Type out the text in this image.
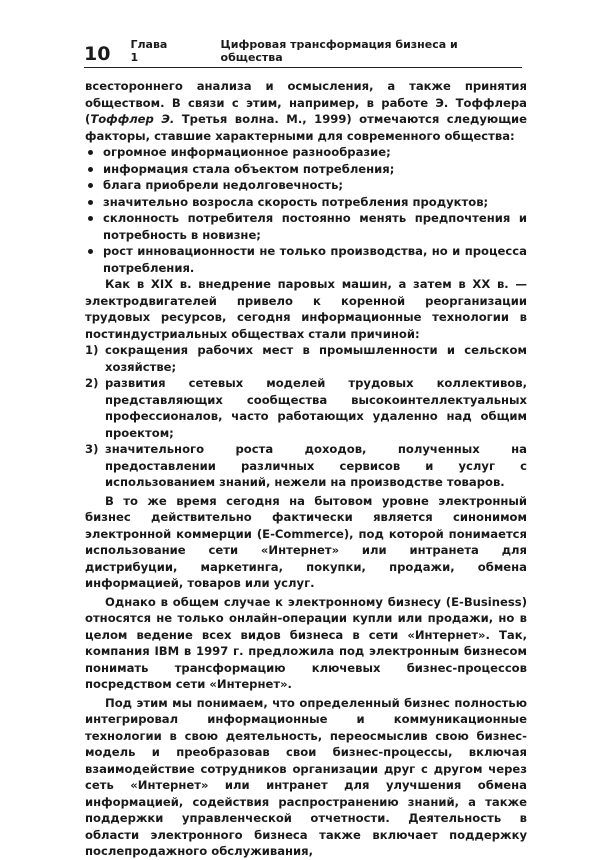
10 Глава 1
Цифровая трансформация бизнеса и общества

всестороннего анализа и осмысления, а также принятия обществом. В связи с этим, например, в работе Э. Тоффлера (Тоффлер Э. Третья волна. М., 1999) отмечаются следующие факторы, ставшие характерными для современного общества:

огромное информационное разнообразие;
информация стала объектом потребления;
блага приобрели недолговечность;
значительно возросла скорость потребления продуктов;
склонность потребителя постоянно менять предпочтения и потребность в новизне;
рост инновационности не только производства, но и процесса потребления.

Как в XIX в. внедрение паровых машин, а затем в XX в. — электродвигателей привело к коренной реорганизации трудовых ресурсов, сегодня информационные технологии в постиндустриальных обществах стали причиной:

1) сокращения рабочих мест в промышленности и сельском хозяйстве;
2) развития сетевых моделей трудовых коллективов, представляющих сообщества высокоинтеллектуальных профессионалов, часто работающих удаленно над общим проектом;
3) значительного роста доходов, полученных на предоставлении различных сервисов и услуг с использованием знаний, нежели на производстве товаров.

В то же время сегодня на бытовом уровне электронный бизнес действительно фактически является синонимом электронной коммерции (E-Commerce), под которой понимается использование сети «Интернет» или интранета для дистрибуции, маркетинга, покупки, продажи, обмена информацией, товаров или услуг.

Однако в общем случае к электронному бизнесу (E-Business) относятся не только онлайн-операции купли или продажи, но в целом ведение всех видов бизнеса в сети «Интернет». Так, компания IBM в 1997 г. предложила под электронным бизнесом понимать трансформацию ключевых бизнес-процессов посредством сети «Интернет».

Под этим мы понимаем, что определенный бизнес полностью интегрировал информационные и коммуникационные технологии в свою деятельность, переосмыслив свою бизнес-модель и преобразовав свои бизнес-процессы, включая взаимодействие сотрудников организации друг с другом через сеть «Интернет» или интранет для улучшения обмена информацией, содействия распространению знаний, а также поддержки управленческой отчетности. Деятельность в области электронного бизнеса также включает поддержку послепродажного обслуживания,
